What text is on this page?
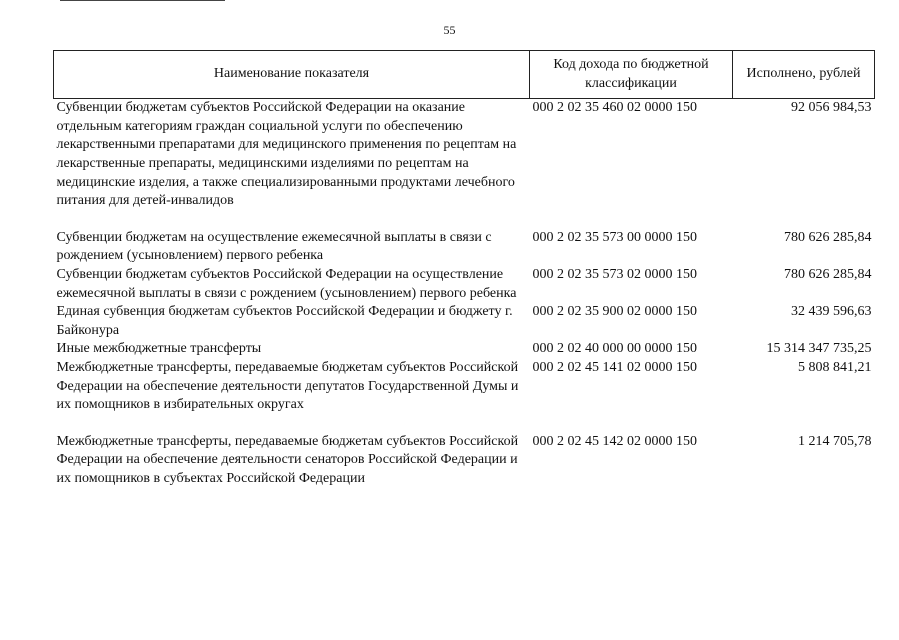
55
Наименование показателя	Код дохода по бюджетной классификации	Исполнено, рублей
Субвенции бюджетам субъектов Российской Федерации на оказание отдельным категориям граждан социальной услуги по обеспечению лекарственными препаратами для медицинского применения по рецептам на лекарственные препараты, медицинскими изделиями по рецептам на медицинские изделия, а также специализированными продуктами лечебного питания для детей-инвалидов	000 2 02 35 460 02 0000 150	92 056 984,53
Субвенции бюджетам на осуществление ежемесячной выплаты в связи с рождением (усыновлением) первого ребенка	000 2 02 35 573 00 0000 150	780 626 285,84
Субвенции бюджетам субъектов Российской Федерации на осуществление ежемесячной выплаты в связи с рождением (усыновлением) первого ребенка	000 2 02 35 573 02 0000 150	780 626 285,84
Единая субвенция бюджетам субъектов Российской Федерации и бюджету г. Байконура	000 2 02 35 900 02 0000 150	32 439 596,63
Иные межбюджетные трансферты	000 2 02 40 000 00 0000 150	15 314 347 735,25
Межбюджетные трансферты, передаваемые бюджетам субъектов Российской Федерации на обеспечение деятельности депутатов Государственной Думы и их помощников в избирательных округах	000 2 02 45 141 02 0000 150	5 808 841,21
Межбюджетные трансферты, передаваемые бюджетам субъектов Российской Федерации на обеспечение деятельности сенаторов Российской Федерации и их помощников в субъектах Российской Федерации	000 2 02 45 142 02 0000 150	1 214 705,78
